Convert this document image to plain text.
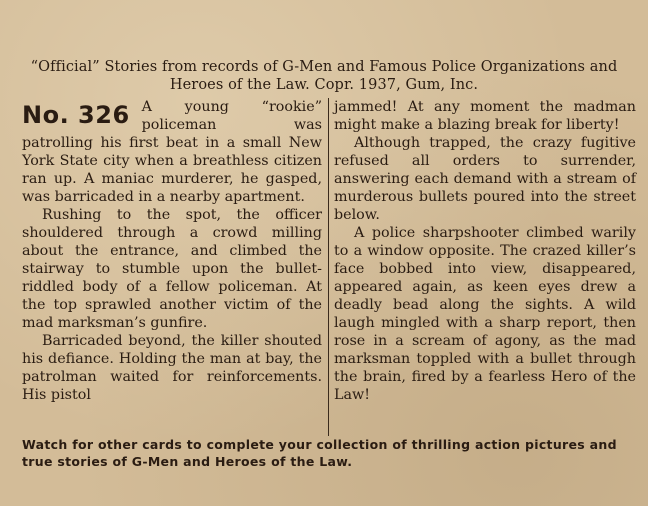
“Official” Stories from records of G-Men and Famous Police Organizations and Heroes of the Law. Copr. 1937, Gum, Inc.
No. 326 A young “rookie” policeman was patrolling his first beat in a small New York State city when a breathless citizen ran up. A maniac murderer, he gasped, was barricaded in a nearby apartment.

Rushing to the spot, the officer shouldered through a crowd milling about the entrance, and climbed the stairway to stumble upon the bullet-riddled body of a fellow policeman. At the top sprawled another victim of the mad marksman’s gunfire.

Barricaded beyond, the killer shouted his defiance. Holding the man at bay, the patrolman waited for reinforcements. His pistol

jammed! At any moment the madman might make a blazing break for liberty!

Although trapped, the crazy fugitive refused all orders to surrender, answering each demand with a stream of murderous bullets poured into the street below.

A police sharpshooter climbed warily to a window opposite. The crazed killer’s face bobbed into view, disappeared, appeared again, as keen eyes drew a deadly bead along the sights. A wild laugh mingled with a sharp report, then rose in a scream of agony, as the mad marksman toppled with a bullet through the brain, fired by a fearless Hero of the Law!

Watch for other cards to complete your collection of thrilling action pictures and true stories of G-Men and Heroes of the Law.
